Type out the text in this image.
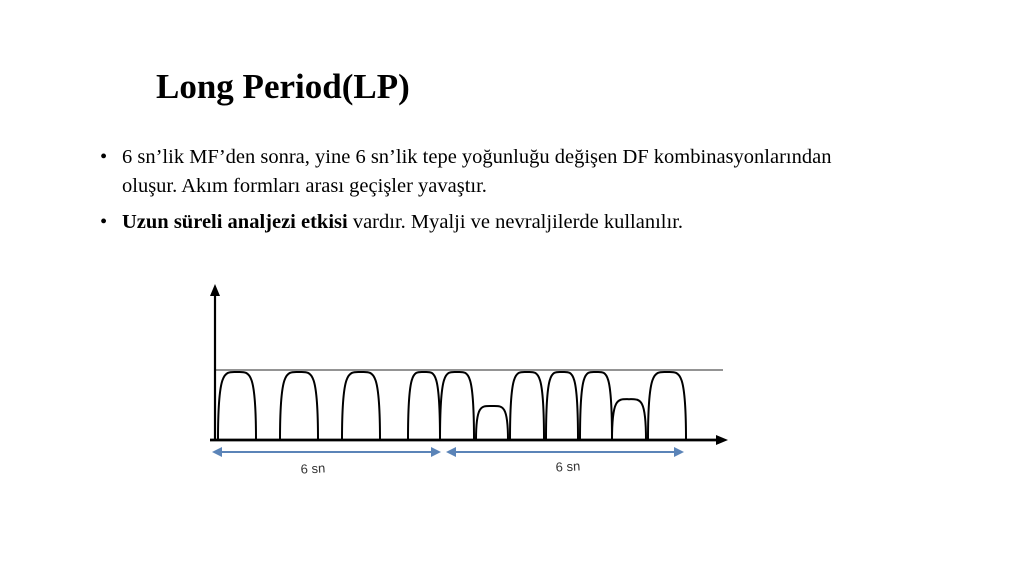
Long Period(LP)
• 6 sn’lik MF’den sonra, yine 6 sn’lik tepe yoğunluğu değişen DF kombinasyonlarından oluşur. Akım formları arası geçişler yavaştır.
• Uzun süreli analjezi etkisi vardır. Myalji ve nevraljilerde kullanılır.
6 sn	6 sn
